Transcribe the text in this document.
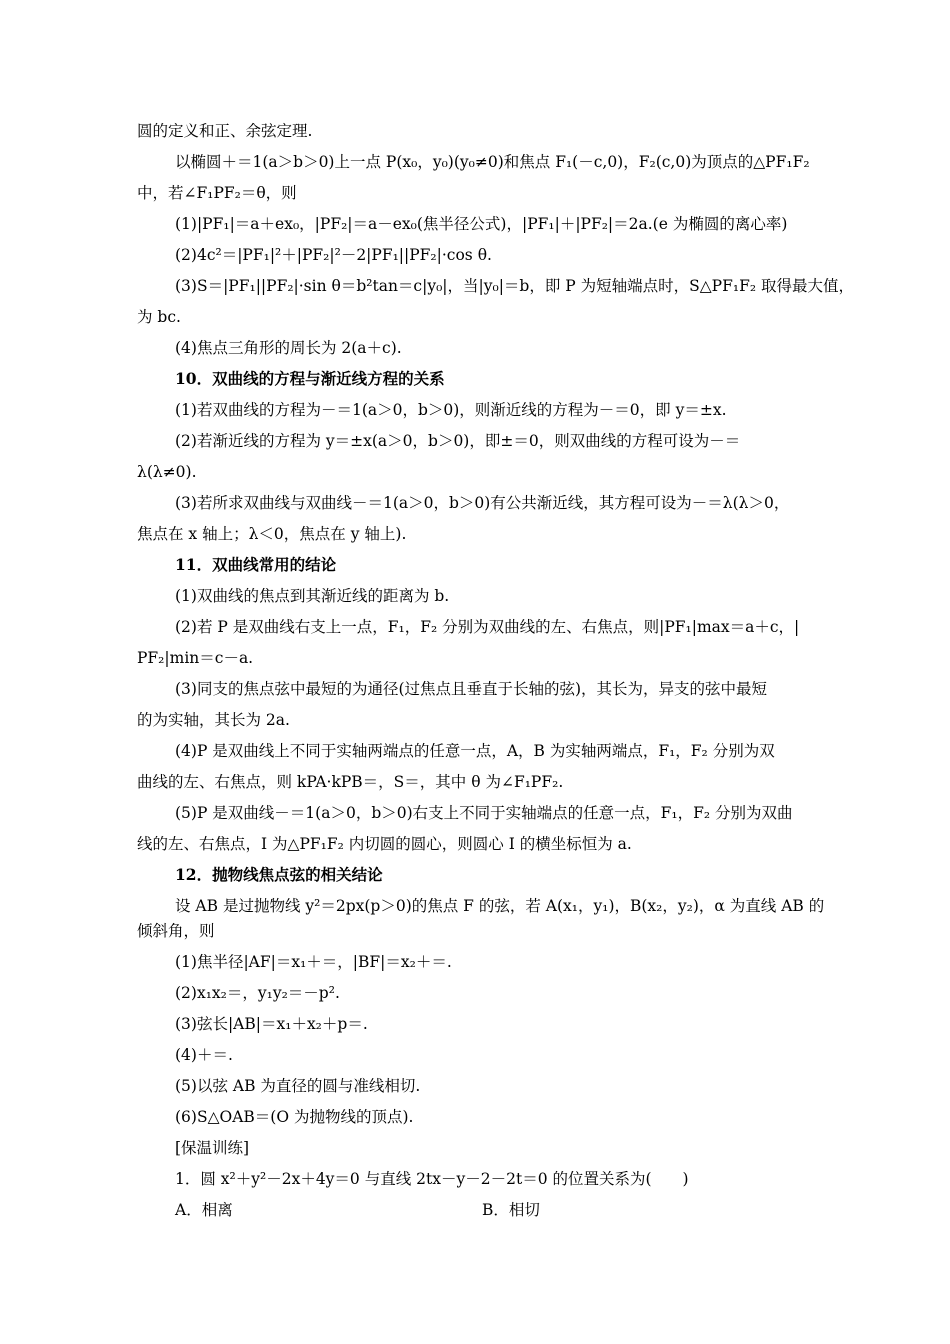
圆的定义和正、余弦定理.
以椭圆＋＝1(a＞b＞0)上一点 P(x₀，y₀)(y₀≠0)和焦点 F₁(－c,0)，F₂(c,0)为顶点的△PF₁F₂
中，若∠F₁PF₂＝θ，则
(1)|PF₁|＝a＋ex₀，|PF₂|＝a－ex₀(焦半径公式)，|PF₁|＋|PF₂|＝2a.(e 为椭圆的离心率)
(2)4c²＝|PF₁|²＋|PF₂|²－2|PF₁||PF₂|·cos θ.
(3)S＝|PF₁||PF₂|·sin θ＝b²tan＝c|y₀|，当|y₀|＝b，即 P 为短轴端点时，S△PF₁F₂ 取得最大值，
为 bc.
(4)焦点三角形的周长为 2(a＋c).
10．双曲线的方程与渐近线方程的关系
(1)若双曲线的方程为－＝1(a＞0，b＞0)，则渐近线的方程为－＝0，即 y＝±x.
(2)若渐近线的方程为 y＝±x(a＞0，b＞0)，即±＝0，则双曲线的方程可设为－＝
λ(λ≠0).
(3)若所求双曲线与双曲线－＝1(a＞0，b＞0)有公共渐近线，其方程可设为－＝λ(λ＞0，
焦点在 x 轴上；λ＜0，焦点在 y 轴上).
11．双曲线常用的结论
(1)双曲线的焦点到其渐近线的距离为 b.
(2)若 P 是双曲线右支上一点，F₁，F₂ 分别为双曲线的左、右焦点，则|PF₁|max＝a＋c，|
PF₂|min＝c－a.
(3)同支的焦点弦中最短的为通径(过焦点且垂直于长轴的弦)，其长为，异支的弦中最短
的为实轴，其长为 2a.
(4)P 是双曲线上不同于实轴两端点的任意一点，A，B 为实轴两端点，F₁，F₂ 分别为双
曲线的左、右焦点，则 kPA·kPB＝，S＝，其中 θ 为∠F₁PF₂.
(5)P 是双曲线－＝1(a＞0，b＞0)右支上不同于实轴端点的任意一点，F₁，F₂ 分别为双曲
线的左、右焦点，I 为△PF₁F₂ 内切圆的圆心，则圆心 I 的横坐标恒为 a.
12．抛物线焦点弦的相关结论
设 AB 是过抛物线 y²＝2px(p＞0)的焦点 F 的弦，若 A(x₁，y₁)，B(x₂，y₂)，α 为直线 AB 的
倾斜角，则
(1)焦半径|AF|＝x₁＋＝，|BF|＝x₂＋＝.
(2)x₁x₂＝，y₁y₂＝－p².
(3)弦长|AB|＝x₁＋x₂＋p＝.
(4)＋＝.
(5)以弦 AB 为直径的圆与准线相切.
(6)S△OAB＝(O 为抛物线的顶点).
[保温训练]
1．圆 x²＋y²－2x＋4y＝0 与直线 2tx－y－2－2t＝0 的位置关系为(　　)
A．相离	B．相切
